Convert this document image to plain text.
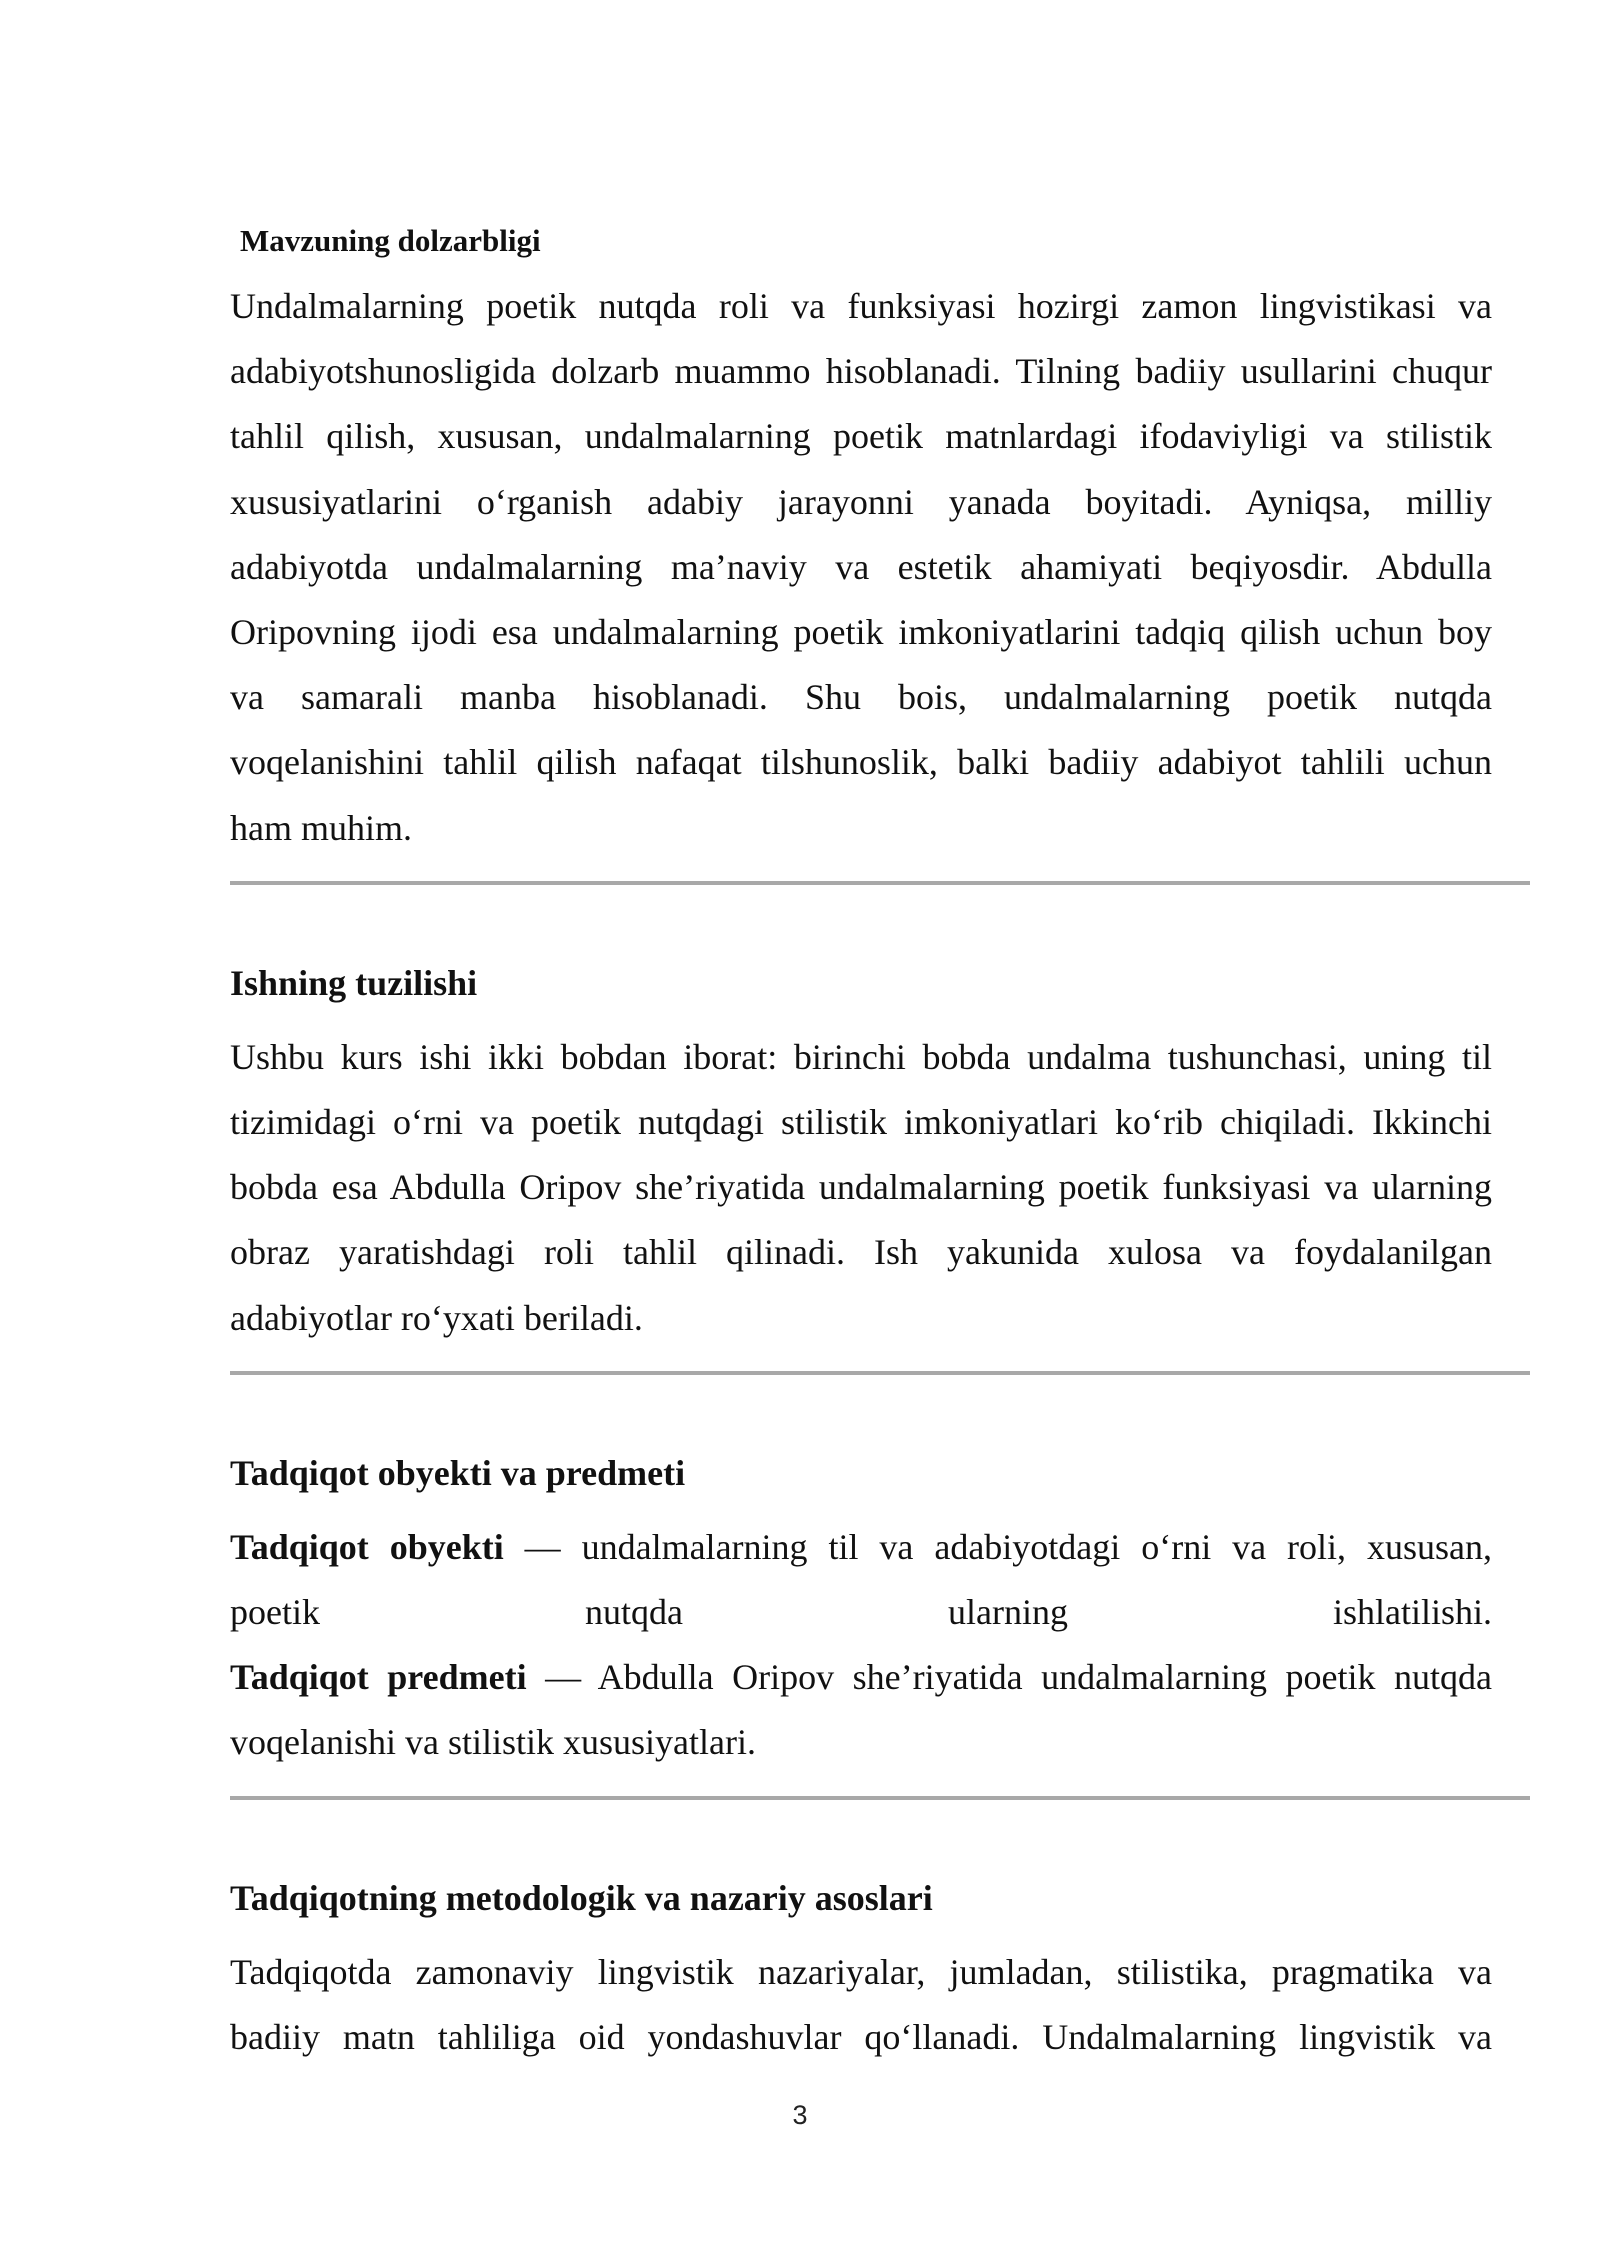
Mavzuning dolzarbligi
Undalmalarning poetik nutqda roli va funksiyasi hozirgi zamon lingvistikasi va
adabiyotshunosligida dolzarb muammo hisoblanadi. Tilning badiiy usullarini chuqur
tahlil qilish, xususan, undalmalarning poetik matnlardagi ifodaviyligi va stilistik
xususiyatlarini o‘rganish adabiy jarayonni yanada boyitadi. Ayniqsa, milliy
adabiyotda undalmalarning ma’naviy va estetik ahamiyati beqiyosdir. Abdulla
Oripovning ijodi esa undalmalarning poetik imkoniyatlarini tadqiq qilish uchun boy
va samarali manba hisoblanadi. Shu bois, undalmalarning poetik nutqda
voqelanishini tahlil qilish nafaqat tilshunoslik, balki badiiy adabiyot tahlili uchun
ham muhim.
Ishning tuzilishi
Ushbu kurs ishi ikki bobdan iborat: birinchi bobda undalma tushunchasi, uning til
tizimidagi o‘rni va poetik nutqdagi stilistik imkoniyatlari ko‘rib chiqiladi. Ikkinchi
bobda esa Abdulla Oripov she’riyatida undalmalarning poetik funksiyasi va ularning
obraz yaratishdagi roli tahlil qilinadi. Ish yakunida xulosa va foydalanilgan
adabiyotlar ro‘yxati beriladi.
Tadqiqot obyekti va predmeti
Tadqiqot obyekti — undalmalarning til va adabiyotdagi o‘rni va roli, xususan,
poetik nutqda ularning ishlatilishi.
Tadqiqot predmeti — Abdulla Oripov she’riyatida undalmalarning poetik nutqda
voqelanishi va stilistik xususiyatlari.
Tadqiqotning metodologik va nazariy asoslari
Tadqiqotda zamonaviy lingvistik nazariyalar, jumladan, stilistika, pragmatika va
badiiy matn tahliliga oid yondashuvlar qo‘llanadi. Undalmalarning lingvistik va
3
